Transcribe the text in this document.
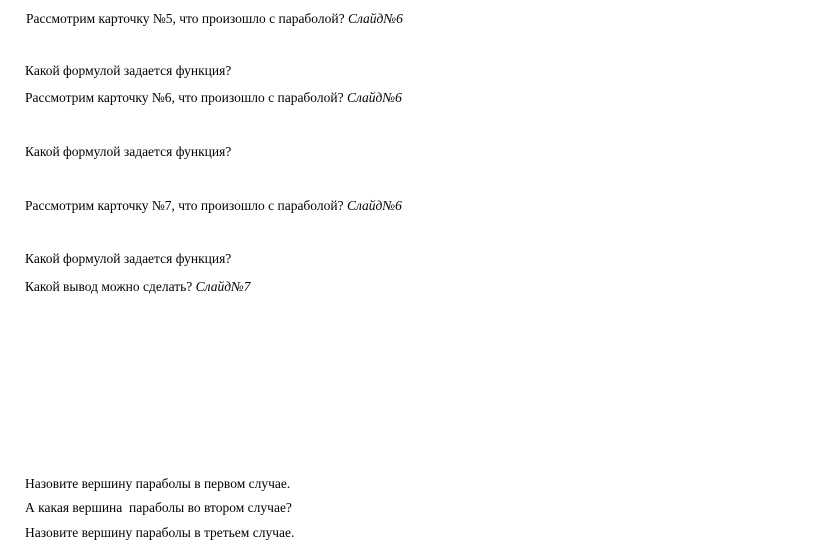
Рассмотрим карточку №5, что произошло с параболой? Слайд№6
Какой формулой задается функция?
Рассмотрим карточку №6, что произошло с параболой? Слайд№6
Какой формулой задается функция?
Рассмотрим карточку №7, что произошло с параболой? Слайд№6
Какой формулой задается функция?
Какой вывод можно сделать? Слайд№7
Назовите вершину параболы в первом случае.
А какая вершина  параболы во втором случае?
Назовите вершину параболы в третьем случае.
